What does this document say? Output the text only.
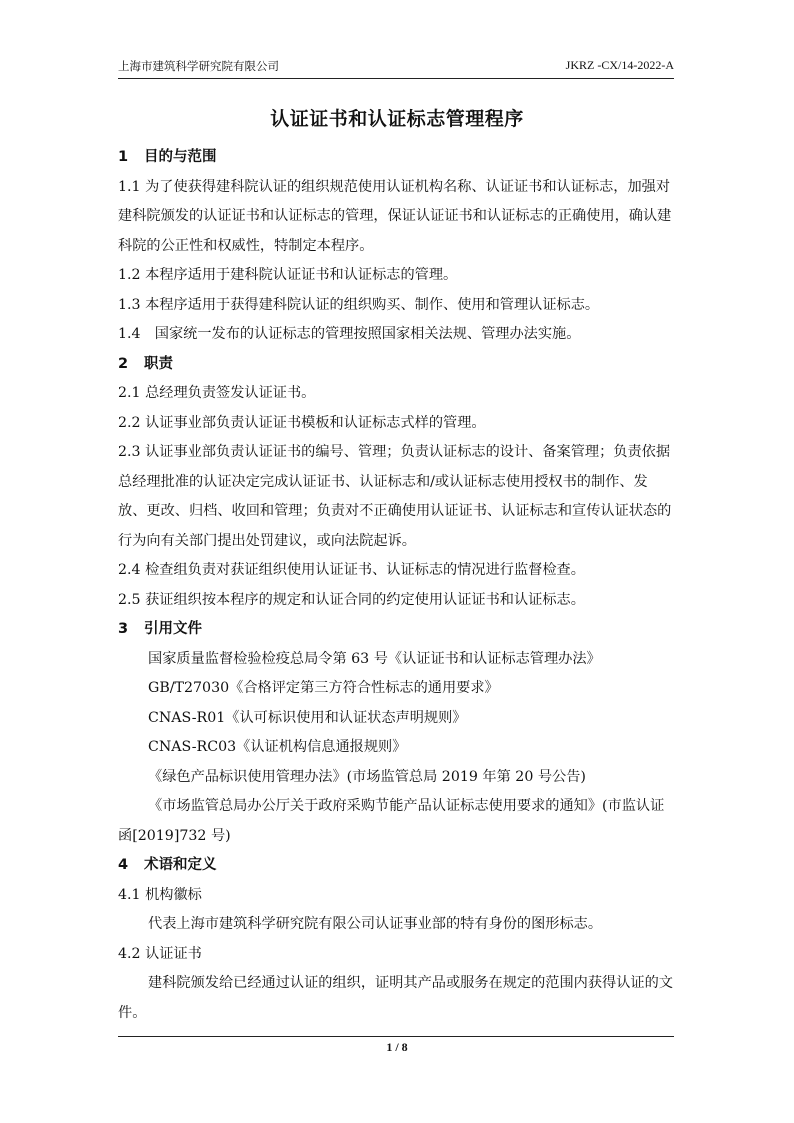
上海市建筑科学研究院有限公司	JKRZ -CX/14-2022-A
认证证书和认证标志管理程序

1 目的与范围

1.1 为了使获得建科院认证的组织规范使用认证机构名称、认证证书和认证标志，加强对建科院颁发的认证证书和认证标志的管理，保证认证证书和认证标志的正确使用，确认建科院的公正性和权威性，特制定本程序。

1.2 本程序适用于建科院认证证书和认证标志的管理。

1.3 本程序适用于获得建科院认证的组织购买、制作、使用和管理认证标志。

1.4　国家统一发布的认证标志的管理按照国家相关法规、管理办法实施。

2 职责

2.1 总经理负责签发认证证书。

2.2 认证事业部负责认证证书模板和认证标志式样的管理。

2.3 认证事业部负责认证证书的编号、管理；负责认证标志的设计、备案管理；负责依据总经理批准的认证决定完成认证证书、认证标志和/或认证标志使用授权书的制作、发放、更改、归档、收回和管理；负责对不正确使用认证证书、认证标志和宣传认证状态的行为向有关部门提出处罚建议，或向法院起诉。

2.4 检查组负责对获证组织使用认证证书、认证标志的情况进行监督检查。

2.5 获证组织按本程序的规定和认证合同的约定使用认证证书和认证标志。

3 引用文件

国家质量监督检验检疫总局令第 63 号《认证证书和认证标志管理办法》

GB/T27030《合格评定第三方符合性标志的通用要求》

CNAS-R01《认可标识使用和认证状态声明规则》

CNAS-RC03《认证机构信息通报规则》

《绿色产品标识使用管理办法》(市场监管总局 2019 年第 20 号公告)

《市场监管总局办公厅关于政府采购节能产品认证标志使用要求的通知》(市监认证函[2019]732 号)

4 术语和定义

4.1 机构徽标

代表上海市建筑科学研究院有限公司认证事业部的特有身份的图形标志。

4.2 认证证书

建科院颁发给已经通过认证的组织，证明其产品或服务在规定的范围内获得认证的文件。

1 / 8
